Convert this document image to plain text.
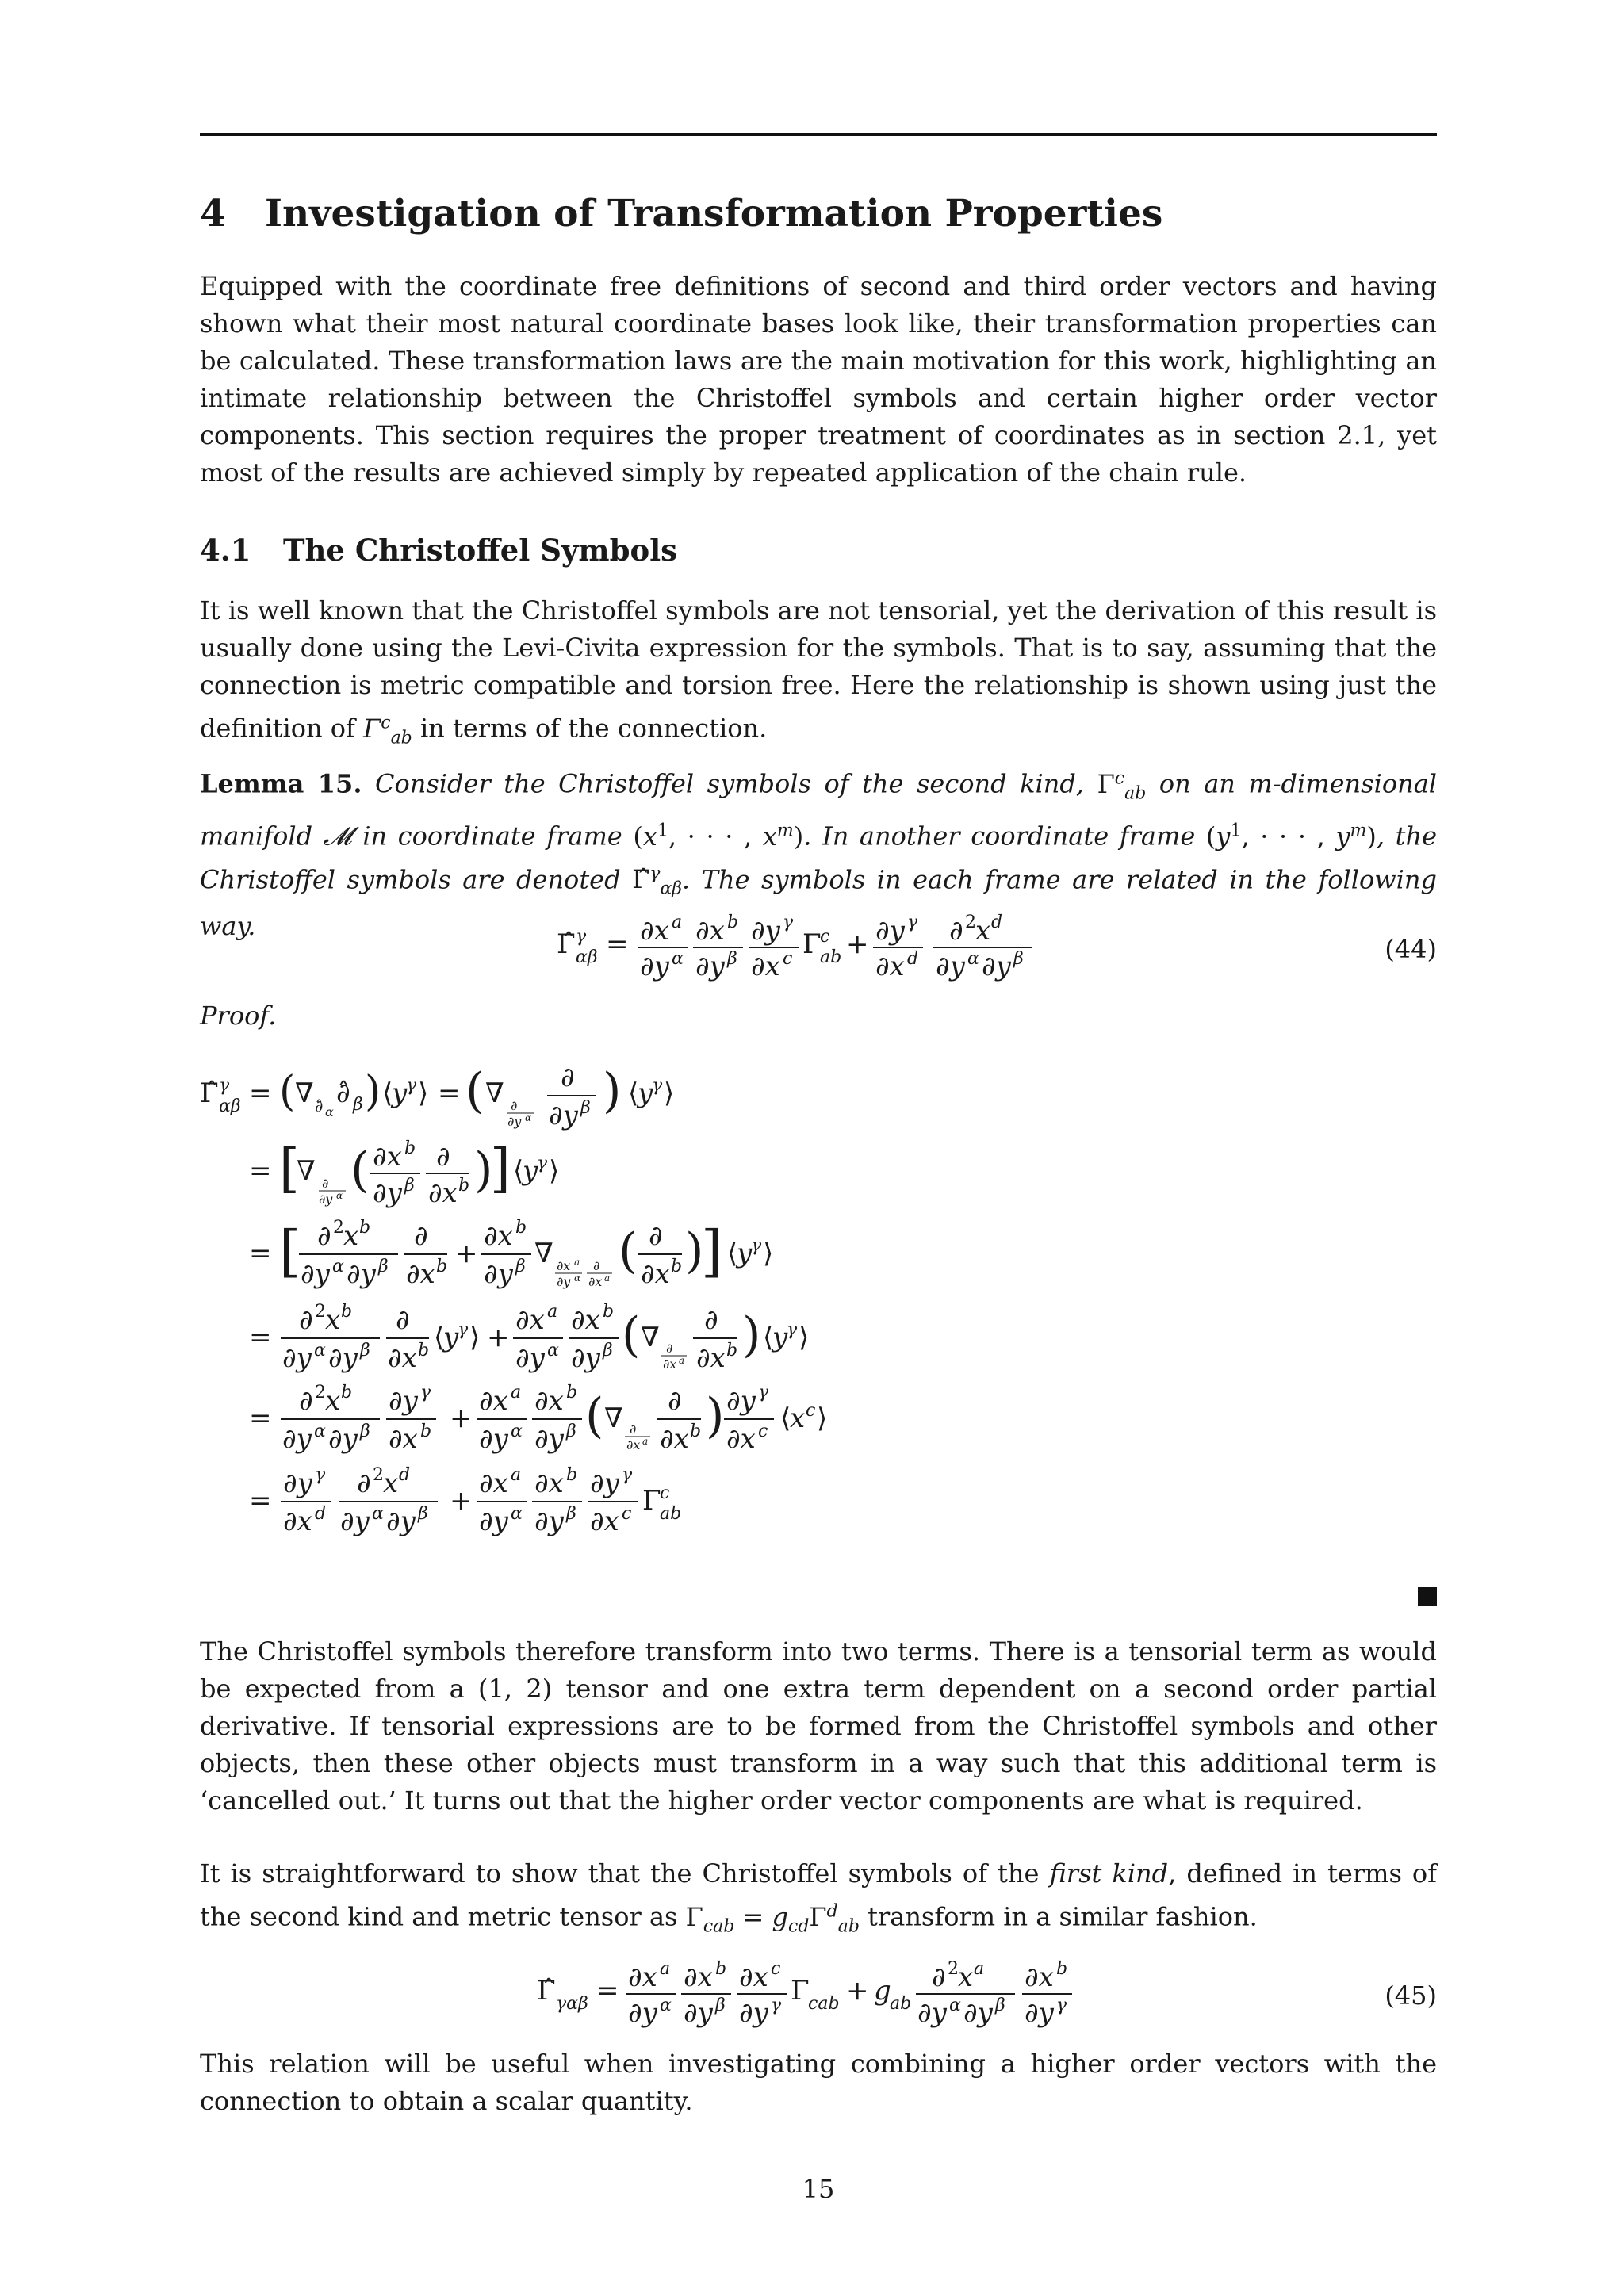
4 Investigation of Transformation Properties
Equipped with the coordinate free definitions of second and third order vectors and having shown what their most natural coordinate bases look like, their transformation properties can be calculated. These transformation laws are the main motivation for this work, highlighting an intimate relationship between the Christoffel symbols and certain higher order vector components. This section requires the proper treatment of coordinates as in section 2.1, yet most of the results are achieved simply by repeated application of the chain rule.
4.1 The Christoffel Symbols
It is well known that the Christoffel symbols are not tensorial, yet the derivation of this result is usually done using the Levi-Civita expression for the symbols. That is to say, assuming that the connection is metric compatible and torsion free. Here the relationship is shown using just the definition of $\Gamma^c_{ab}$ in terms of the connection.
Lemma 15. Consider the Christoffel symbols of the second kind, $\Gamma^c_{ab}$ on an m-dimensional manifold 𝓜 in coordinate frame ($x^1$, · · · , $x^m$). In another coordinate frame ($y^1$, · · · , $y^m$), the Christoffel symbols are denoted Γ̂$^\gamma_{\alpha\beta}$. The symbols in each frame are related in the following way.
Γ̂ γ
αβ = ∂x a
∂y α
∂x b
∂y β
∂y γ
∂x c Γ
c
ab + ∂y γ
∂x d
∂ 2 x d
∂y α ∂y β	(44)
Proof.
Γ̂ γ
αβ = ( ∇ ∂̂ α
∂̂ β ) ⟨
y
γ ⟩ = ( ∇ ∂
∂y α
∂
∂y β ) ⟨
y
γ ⟩
= [
∇ ∂
∂y α ( ∂x b
∂y β
∂
∂x b )
] ⟨
y
γ ⟩
= [ ∂ 2 x b
∂y α ∂y β
∂
∂x b +
∂x b
∂y β ∇ ∂x a
∂y α
∂
∂x a ( ∂
∂x b )
] ⟨
y
γ ⟩
=
∂ 2 x b
∂y α ∂y β
∂
∂x b ⟨
y
γ ⟩ +
∂x a
∂y α
∂x b
∂y β ( ∇ ∂
∂x a
∂
∂x b ) ⟨
y
γ ⟩
=
∂ 2 x b
∂y α ∂y β
∂y γ
∂x b +
∂x a
∂y α
∂x b
∂y β ( ∇ ∂
∂x a
∂
∂x b ) ∂y γ
∂x c ⟨
x c ⟩
=
∂y γ
∂x d
∂ 2 x d
∂y α ∂y β +
∂x a
∂y α
∂x b
∂y β
∂y γ
∂x c Γ
c
ab
The Christoffel symbols therefore transform into two terms. There is a tensorial term as would be expected from a (1, 2) tensor and one extra term dependent on a second order partial derivative. If tensorial expressions are to be formed from the Christoffel symbols and other objects, then these other objects must transform in a way such that this additional term is ‘cancelled out.’ It turns out that the higher order vector components are what is required.
It is straightforward to show that the Christoffel symbols of the first kind, defined in terms of the second kind and metric tensor as $\Gamma_{cab} = g_{cd}\Gamma^d_{ab}$ transform in a similar fashion.
Γ̂ γαβ = ∂x a
∂y α
∂x b
∂y β
∂x c
∂y γ Γ
cab + g
ab
∂ 2 x a
∂y α ∂y β
∂x b
∂y γ	(45)
This relation will be useful when investigating combining a higher order vectors with the connection to obtain a scalar quantity.
15
